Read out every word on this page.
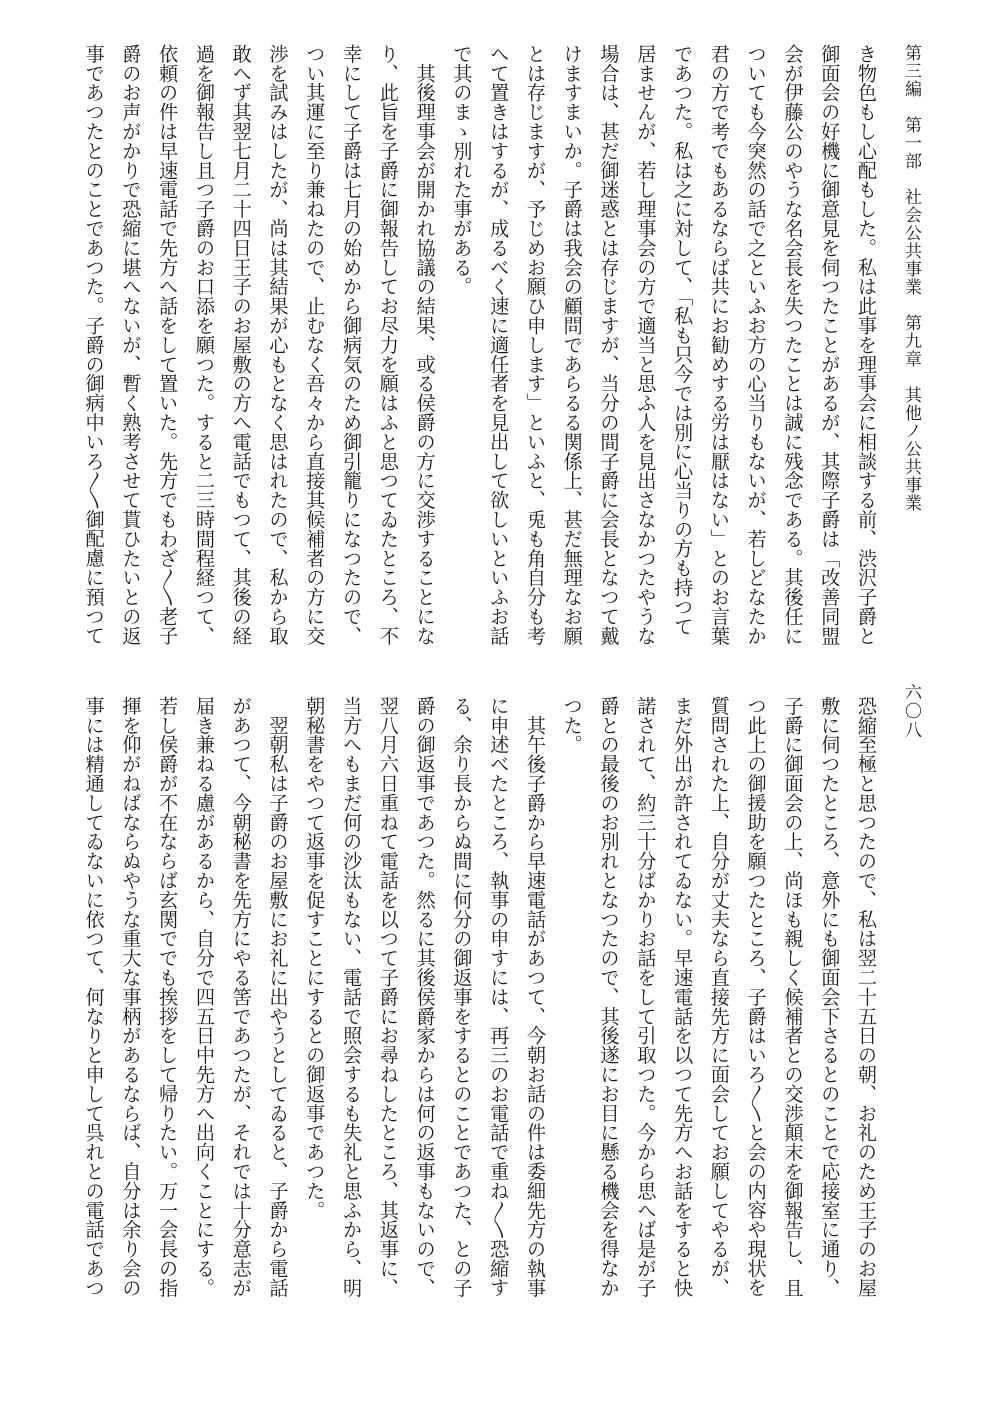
第三編　第一部　社会公共事業　第九章　其他ノ公共事業
六〇八
き物色もし心配もした。私は此事を理事会に相談する前、渋沢子爵と
御面会の好機に御意見を伺つたことがあるが、其際子爵は「改善同盟
会が伊藤公のやうな名会長を失つたことは誠に残念である。其後任に
ついても今突然の話で之といふお方の心当りもないが、若しどなたか
君の方で考でもあるならば共にお勧めする労は厭はない」とのお言葉
であつた。私は之に対して、「私も只今では別に心当りの方も持つて
居ませんが、若し理事会の方で適当と思ふ人を見出さなかつたやうな
場合は、甚だ御迷惑とは存じますが、当分の間子爵に会長となつて戴
けますまいか。子爵は我会の顧問であらるる関係上、甚だ無理なお願
とは存じますが、予じめお願ひ申します」といふと、兎も角自分も考
へて置きはするが、成るべく速に適任者を見出して欲しいといふお話
で其のまゝ別れた事がある。
　其後理事会が開かれ協議の結果、或る侯爵の方に交渉することにな
り、此旨を子爵に御報告してお尽力を願はふと思つてゐたところ、不
幸にして子爵は七月の始めから御病気のため御引籠りになつたので、
つい其運に至り兼ねたので、止むなく吾々から直接其候補者の方に交
渉を試みはしたが、尚は其結果が心もとなく思はれたので、私から取
敢へず其翌七月二十四日王子のお屋敷の方へ電話でもつて、其後の経
過を御報告し且つ子爵のお口添を願つた。すると二三時間程経つて、
依頼の件は早速電話で先方へ話をして置いた。先方でもわざ〱老子
爵のお声がかりで恐縮に堪へないが、暫く熟考させて貰ひたいとの返
事であつたとのことであつた。子爵の御病中いろ〱御配慮に預つて
恐縮至極と思つたので、私は翌二十五日の朝、お礼のため王子のお屋
敷に伺つたところ、意外にも御面会下さるとのことで応接室に通り、
子爵に御面会の上、尚ほも親しく候補者との交渉顛末を御報告し、且
つ此上の御援助を願つたところ、子爵はいろ〱と会の内容や現状を
質問された上、自分が丈夫なら直接先方に面会してお願してやるが、
まだ外出が許されてゐない。早速電話を以つて先方へお話をすると快
諾されて、約三十分ばかりお話をして引取つた。今から思へば是が子
爵との最後のお別れとなつたので、其後遂にお目に懸る機会を得なか
つた。
　其午後子爵から早速電話があつて、今朝お話の件は委細先方の執事
に申述べたところ、執事の申すには、再三のお電話で重ね〱恐縮す
る、余り長からぬ間に何分の御返事をするとのことであつた、との子
爵の御返事であつた。然るに其後侯爵家からは何の返事もないので、
翌八月六日重ねて電話を以つて子爵にお尋ねしたところ、其返事に、
当方へもまだ何の沙汰もない、電話で照会するも失礼と思ふから、明
朝秘書をやつて返事を促すことにするとの御返事であつた。
　翌朝私は子爵のお屋敷にお礼に出やうとしてゐると、子爵から電話
があつて、今朝秘書を先方にやる筈であつたが、それでは十分意志が
届き兼ねる慮があるから、自分で四五日中先方へ出向くことにする。
若し侯爵が不在ならば玄関ででも挨拶をして帰りたい。万一会長の指
揮を仰がねばならぬやうな重大な事柄があるならば、自分は余り会の
事には精通してゐないに依つて、何なりと申して呉れとの電話であつ
